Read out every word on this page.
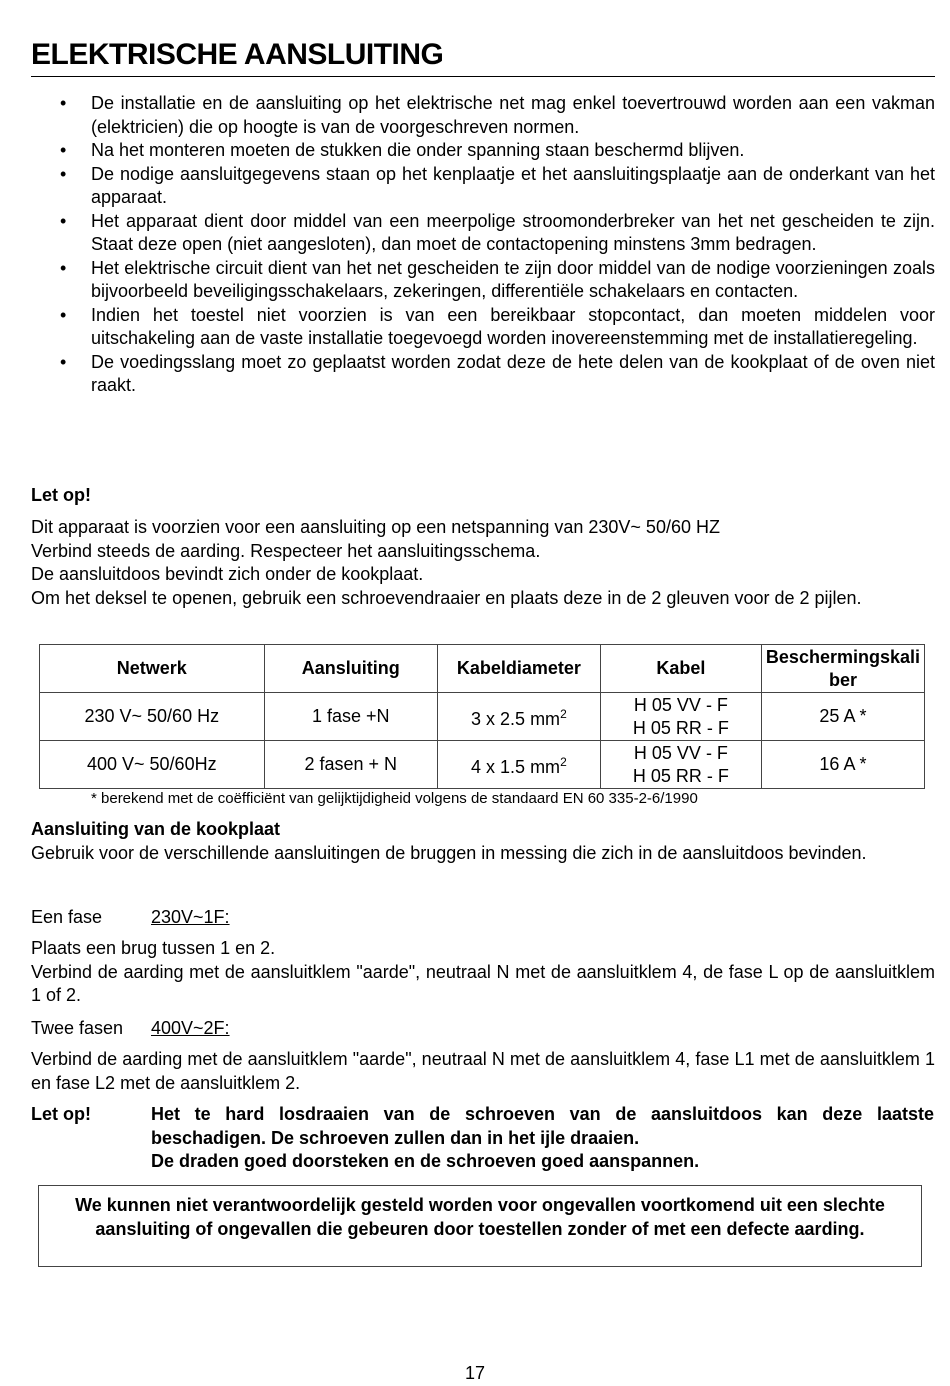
ELEKTRISCHE AANSLUITING
• De installatie en de aansluiting op het elektrische net mag enkel toevertrouwd worden aan een vakman (elektricien) die op hoogte is van de voorgeschreven normen.
• Na het monteren moeten de stukken die onder spanning staan beschermd blijven.
• De nodige aansluitgegevens staan op het kenplaatje et het aansluitingsplaatje aan de onderkant van het apparaat.
• Het apparaat dient door middel van een meerpolige stroomonderbreker van het net gescheiden te zijn. Staat deze open (niet aangesloten), dan moet de contactopening minstens 3mm bedragen.
• Het elektrische circuit dient van het net gescheiden te zijn door middel van de nodige voorzieningen zoals bijvoorbeeld beveiligingsschakelaars, zekeringen, differentiële schakelaars en contacten.
• Indien het toestel niet voorzien is van een bereikbaar stopcontact, dan moeten middelen voor uitschakeling aan de vaste installatie toegevoegd worden inovereenstemming met de installatieregeling.
• De voedingsslang moet zo geplaatst worden zodat deze de hete delen van de kookplaat of de oven niet raakt.
Let op!
Dit apparaat is voorzien voor een aansluiting op een netspanning van 230V~ 50/60 HZ
Verbind steeds de aarding. Respecteer het aansluitingsschema.
De aansluitdoos bevindt zich onder de kookplaat.
Om het deksel te openen, gebruik een schroevendraaier en plaats deze in de 2 gleuven voor de 2 pijlen.
Netwerk	Aansluiting	Kabeldiameter	Kabel	Beschermingskaliber
230 V~ 50/60 Hz	1 fase +N	3 x 2.5 $mm^2$	H 05 VV - F
H 05 RR - F	25 A *
400 V~ 50/60Hz	2 fasen + N	4 x 1.5 $mm^2$	H 05 VV - F
H 05 RR - F	16 A *
* berekend met de coëfficiënt van gelijktijdigheid volgens de standaard EN 60 335-2-6/1990
Aansluiting van de kookplaat
Gebruik voor de verschillende aansluitingen de bruggen in messing die zich in de aansluitdoos bevinden.
Een fase	230V~1F:
Plaats een brug tussen 1 en 2.
Verbind de aarding met de aansluitklem "aarde", neutraal N met de aansluitklem 4, de fase L op de aansluitklem 1 of 2.
Twee fasen 400V~2F:
Verbind de aarding met de aansluitklem "aarde", neutraal N met de aansluitklem 4, fase L1 met de aansluitklem 1 en fase L2 met de aansluitklem 2.
Let op!	Het te hard losdraaien van de schroeven van de aansluitdoos kan deze laatste beschadigen. De schroeven zullen dan in het ijle draaien.
De draden goed doorsteken en de schroeven goed aanspannen.
We kunnen niet verantwoordelijk gesteld worden voor ongevallen voortkomend uit een slechte aansluiting of ongevallen die gebeuren door toestellen zonder of met een defecte aarding.
17
